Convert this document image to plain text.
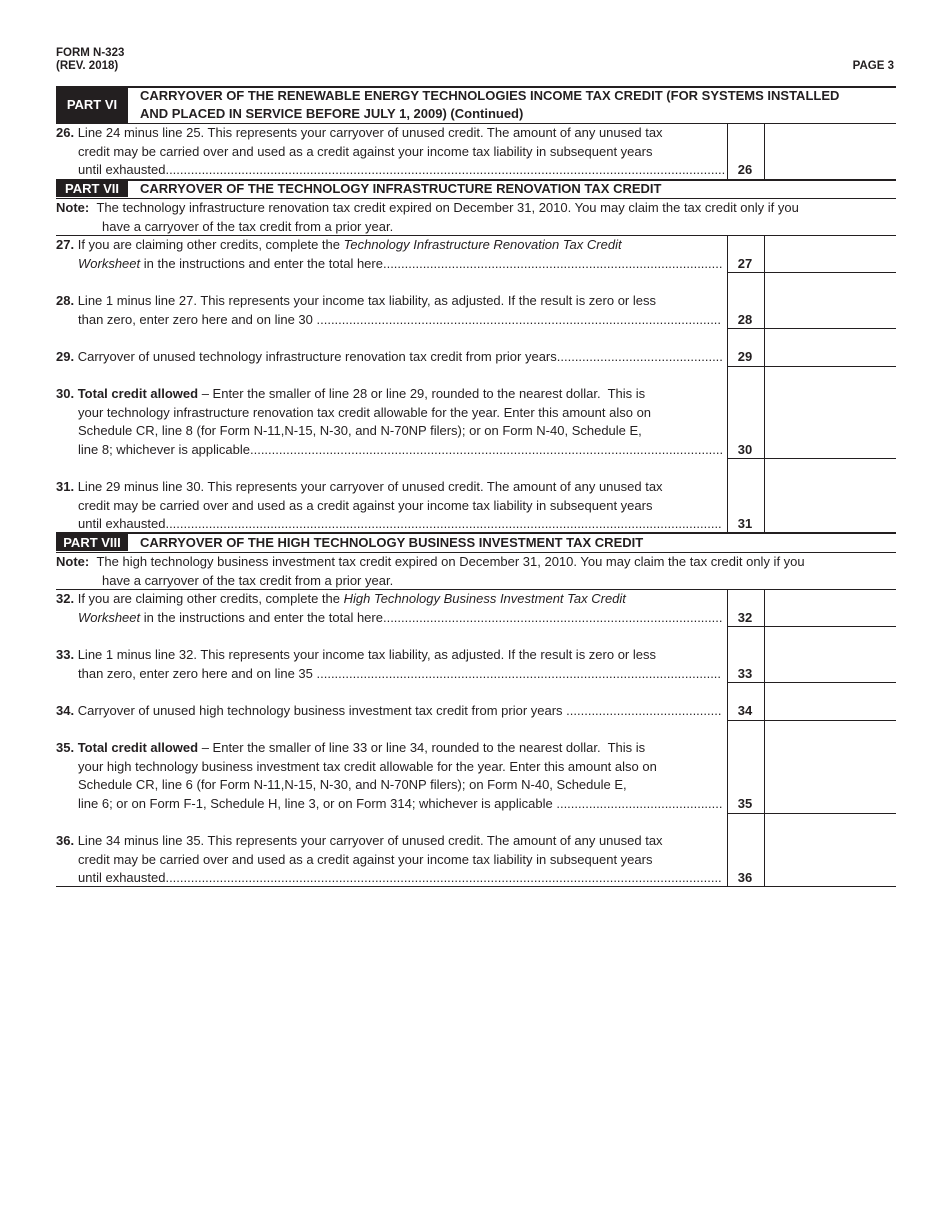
FORM N-323
(REV. 2018)	PAGE 3
PART VI
CARRYOVER OF THE RENEWABLE ENERGY TECHNOLOGIES INCOME TAX CREDIT (FOR SYSTEMS INSTALLED
AND PLACED IN SERVICE BEFORE JULY 1, 2009) (Continued)
26. Line 24 minus line 25. This represents your carryover of unused credit. The amount of any unused tax
credit may be carried over and used as a credit against your income tax liability in subsequent years
until exhausted .....	26
PART VII	CARRYOVER OF THE TECHNOLOGY INFRASTRUCTURE RENOVATION TAX CREDIT
Note: The technology infrastructure renovation tax credit expired on December 31, 2010. You may claim the tax credit only if you
have a carryover of the tax credit from a prior year.
27. If you are claiming other credits, complete the Technology Infrastructure Renovation Tax Credit
Worksheet in the instructions and enter the total here .....	27
28. Line 1 minus line 27. This represents your income tax liability, as adjusted. If the result is zero or less
than zero, enter zero here and on line 30 .....	28
29.
Carryover of unused technology infrastructure renovation tax credit from prior years .....	29
30. Total credit allowed – Enter the smaller of line 28 or line 29, rounded to the nearest dollar.  This is
your technology infrastructure renovation tax credit allowable for the year. Enter this amount also on
Schedule CR, line 8 (for Form N-11,N-15, N-30, and N-70NP filers); or on Form N-40, Schedule E,
line 8; whichever is applicable .....	30
31. Line 29 minus line 30. This represents your carryover of unused credit. The amount of any unused tax
credit may be carried over and used as a credit against your income tax liability in subsequent years
until exhausted .....	31
PART VIII	CARRYOVER OF THE HIGH TECHNOLOGY BUSINESS INVESTMENT TAX CREDIT
Note: The high technology business investment tax credit expired on December 31, 2010. You may claim the tax credit only if you
have a carryover of the tax credit from a prior year.
32. If you are claiming other credits, complete the High Technology Business Investment Tax Credit
Worksheet in the instructions and enter the total here .....	32
33. Line 1 minus line 32. This represents your income tax liability, as adjusted. If the result is zero or less
than zero, enter zero here and on line 35 .....	33
34.
Carryover of unused high technology business investment tax credit from prior years .....	34
35. Total credit allowed – Enter the smaller of line 33 or line 34, rounded to the nearest dollar.  This is
your high technology business investment tax credit allowable for the year. Enter this amount also on
Schedule CR, line 6 (for Form N-11,N-15, N-30, and N-70NP filers); on Form N-40, Schedule E,
line 6; or on Form F-1, Schedule H, line 3, or on Form 314; whichever is applicable .....	35
36. Line 34 minus line 35. This represents your carryover of unused credit. The amount of any unused tax
credit may be carried over and used as a credit against your income tax liability in subsequent years
until exhausted .....	36
